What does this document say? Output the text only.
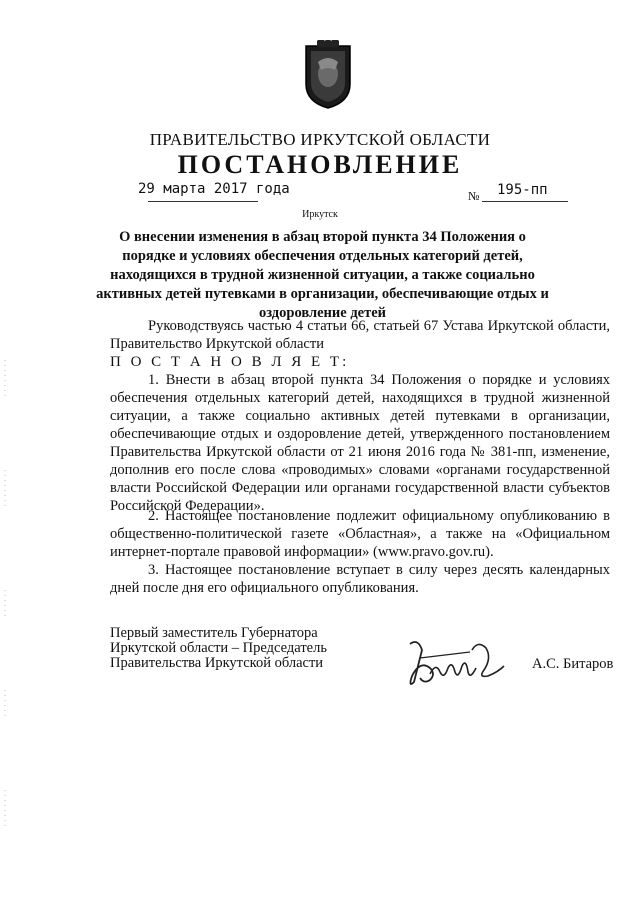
ПРАВИТЕЛЬСТВО ИРКУТСКОЙ ОБЛАСТИ
ПОСТАНОВЛЕНИЕ
29 марта 2017 года	№ 195-пп
Иркутск
О внесении изменения в абзац второй пункта 34 Положения о порядке и условиях обеспечения отдельных категорий детей, находящихся в трудной жизненной ситуации, а также социально активных детей путевками в организации, обеспечивающие отдых и оздоровление детей
Руководствуясь частью 4 статьи 66, статьей 67 Устава Иркутской области, Правительство Иркутской области
П О С Т А Н О В Л Я Е Т:
1. Внести в абзац второй пункта 34 Положения о порядке и условиях обеспечения отдельных категорий детей, находящихся в трудной жизненной ситуации, а также социально активных детей путевками в организации, обеспечивающие отдых и оздоровление детей, утвержденного постановлением Правительства Иркутской области от 21 июня 2016 года № 381-пп, изменение, дополнив его после слова «проводимых» словами «органами государственной власти Российской Федерации или органами государственной власти субъектов Российской Федерации».
2. Настоящее постановление подлежит официальному опубликованию в общественно-политической газете «Областная», а также на «Официальном интернет-портале правовой информации» (www.pravo.gov.ru).
3. Настоящее постановление вступает в силу через десять календарных дней после дня его официального опубликования.
Первый заместитель Губернатора
Иркутской области – Председатель
Правительства Иркутской области	А.С. Битаров
